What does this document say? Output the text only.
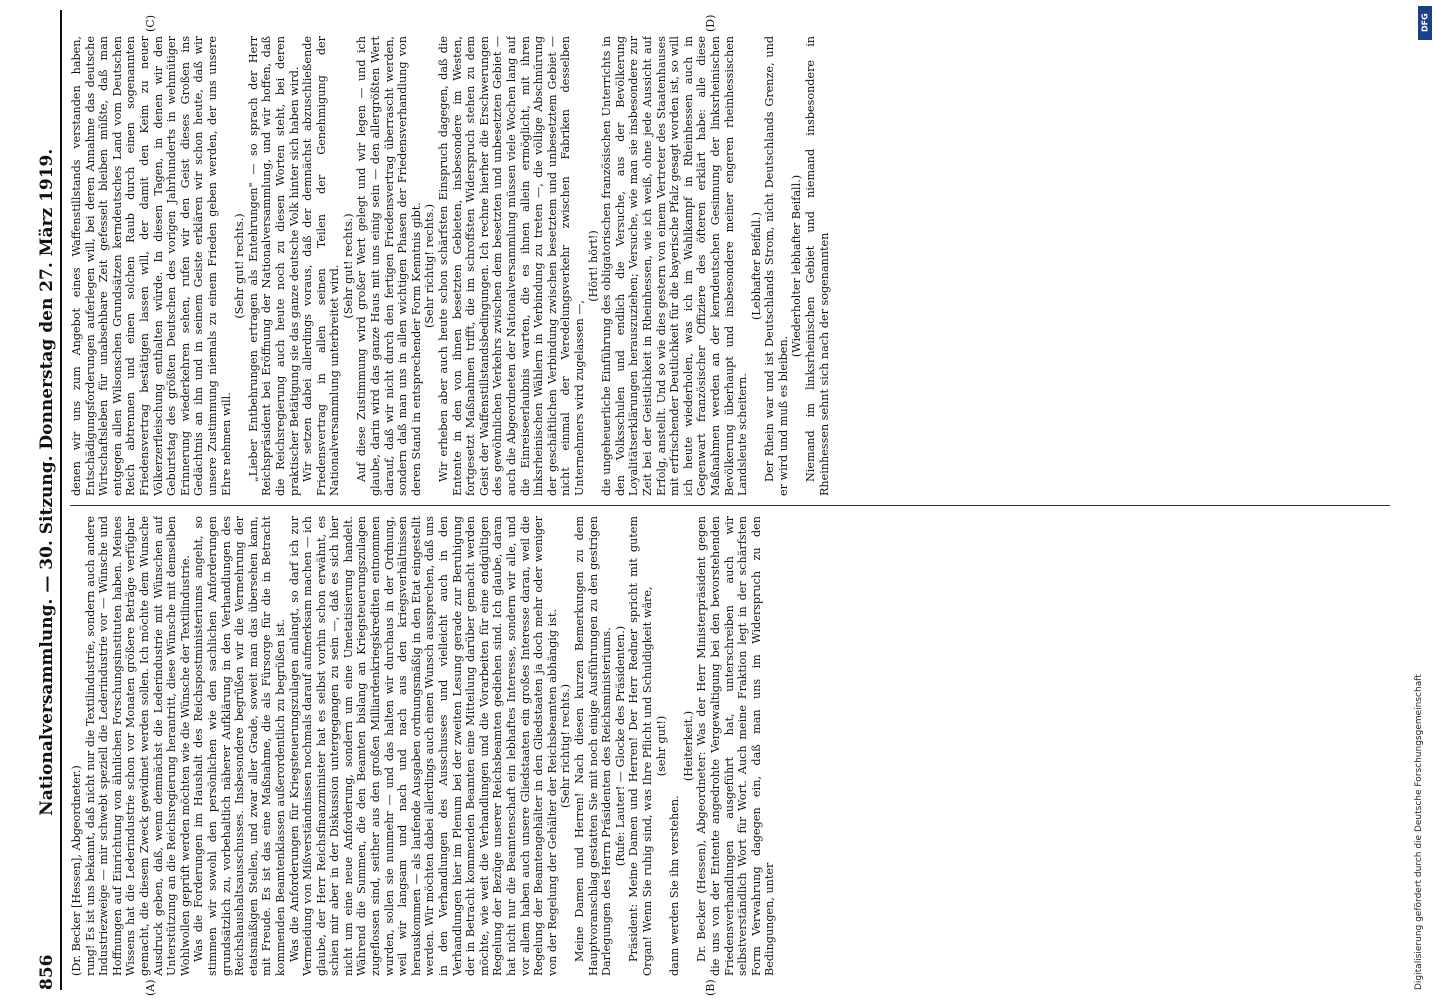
856
Nationalversammlung. — 30. Sitzung. Donnerstag den 27. März 1919.

(Dr. Becker [Hessen], Abgeordneter.) rung! Es ist uns bekannt, daß nicht nur die Textilindustrie, sondern auch andere Industriezweige — mir schwebt speziell die Lederindustrie vor — Wünsche und Hoffnungen auf Einrichtung von ähnlichen Forschungsinstituten haben. Meines Wissens hat die Lederindustrie schon vor Monaten größere Beträge verfügbar gemacht, die diesem Zweck gewidmet werden sollen. Ich möchte dem Wunsche Ausdruck geben, daß, wenn demnächst die Lederindustrie mit Wünschen auf Unterstützung an die Reichsregierung herantritt, diese Wünsche mit demselben Wohlwollen geprüft werden möchten wie die Wünsche der Textilindustrie. Was die Forderungen im Haushalt des Reichspostministeriums angeht, so stimmen wir sowohl den persönlichen wie den sachlichen Anforderungen grundsätzlich zu, vorbehaltlich näherer Aufklärung in den Verhandlungen des Reichshaushaltsausschusses. Insbesondere begrüßen wir die Vermehrung der etatsmäßigen Stellen, und zwar aller Grade, soweit man das übersehen kann, mit Freude. Es ist das eine Maßnahme, die als Fürsorge für die in Betracht kommenden Beamtenklassen außerordentlich zu begrüßen ist. Was die Anforderungen für Kriegsteuerungszulagen anlangt, so darf ich zur Vermeidung von Mißverständnissen nochmals darauf aufmerksam machen — ich glaube, der Herr Reichsfinanzminister hat es selbst vorhin schon erwähnt, es schien mir aber in der Diskussion untergegangen zu sein —, daß es sich hier nicht um eine neue Anforderung, sondern um eine Umetatisierung handelt. Während die Summen, die den Beamten bislang an Kriegsteuerungszulagen zugeflossen sind, seither aus den großen Milliardenkriegskrediten entnommen wurden, sollen sie nunmehr — und das halten wir durchaus in der Ordnung, weil wir langsam und nach und nach aus den kriegsverhältnissen herauskommen — als laufende Ausgaben ordnungsmäßig in den Etat eingestellt werden. Wir möchten dabei allerdings auch einen Wunsch aussprechen, daß uns in den Verhandlungen des Ausschusses und vielleicht auch in den Verhandlungen hier im Plenum bei der zweiten Lesung gerade zur Beruhigung der in Betracht kommenden Beamten eine Mitteilung darüber gemacht werden möchte, wie weit die Verhandlungen und die Vorarbeiten für eine endgültigen Regelung der Bezüge unserer Reichsbeamten gediehen sind. Ich glaube, daran hat nicht nur die Beamtenschaft ein lebhaftes Interesse, sondern wir alle, und vor allem haben auch unsere Gliedstaaten ein großes Interesse daran, weil die Regelung der Beamtengehälter in den Gliedstaaten ja doch mehr oder weniger von der Regelung der Gehälter der Reichsbeamten abhängig ist. (Sehr richtig! rechts.) Meine Damen und Herren! Nach diesen kurzen Bemerkungen zu dem Hauptvoranschlag gestatten Sie mit noch einige Ausführungen zu den gestrigen Darlegungen des Herrn Präsidenten des Reichsministeriums. (Rufe: Lauter! — Glocke des Präsidenten.) Präsident: Meine Damen und Herren! Der Herr Redner spricht mit gutem Organ! Wenn Sie ruhig sind, was Ihre Pflicht und Schuldigkeit wäre, (sehr gut!)

dann werden Sie ihn verstehen.

(Heiterkeit.) Dr. Becker (Hessen), Abgeordneter: Was der Herr Ministerpräsident gegen die uns von der Entente angedrohte Vergewaltigung bei den bevorstehenden Friedensverhandlungen ausgeführt hat, unterschreiben auch wir selbstverständlich Wort für Wort. Auch meine Fraktion legt in der schärfsten Form Verwahrung dagegen ein, daß man uns im Widerspruch zu den Bedingungen, unter

denen wir uns zum Angebot eines Waffenstillstands verstanden haben, Entschädigungsforderungen auferlegen will, bei deren Annahme das deutsche Wirtschaftsleben für unabsehbare Zeit gefesselt bleiben müßte, daß man entgegen allen Wilsonschen Grundsätzen kerndeutsches Land vom Deutschen Reich abtrennen und einen solchen Raub durch einen sogenannten Friedensvertrag bestätigen lassen will, der damit den Keim zu neuer Völkerzerfleischung enthalten würde. In diesen Tagen, in denen wir den Geburtstag des größten Deutschen des vorigen Jahrhunderts in wehmütiger Erinnerung wiederkehren sehen, rufen wir den Geist dieses Großen ins Gedächtnis an ihn und in seinem Geiste erklären wir schon heute, daß wir unsere Zustimmung niemals zu einem Frieden geben werden, der uns unsere Ehre nehmen will.

(Sehr gut! rechts.) „Lieber Entbehrungen ertragen als Entehrungen" — so sprach der Herr Reichspräsident bei Eröffnung der Nationalversammlung, und wir hoffen, daß die Reichsregierung auch heute noch zu diesen Worten steht, bei deren praktischer Betätigung sie das ganze deutsche Volk hinter sich haben wird. Wir setzen dabei allerdings voraus, daß der demnächst abzuschließende Friedensvertrag in allen seinen Teilen der Genehmigung der Nationalversammlung unterbreitet wird. (Sehr gut! rechts.) Auf diese Zustimmung wird großer Wert gelegt und wir legen — und ich glaube, darin wird das ganze Haus mit uns einig sein — den allergrößten Wert darauf, daß wir nicht durch den fertigen Friedensvertrag überrascht werden, sondern daß man uns in allen wichtigen Phasen der Friedensverhandlung von deren Stand in entsprechender Form Kenntnis gibt. (Sehr richtig! rechts.) Wir erheben aber auch heute schon schärfsten Einspruch dagegen, daß die Entente in den von ihnen besetzten Gebieten, insbesondere im Westen, fortgesetzt Maßnahmen trifft, die im schroffsten Widerspruch stehen zu dem Geist der Waffenstillstandsbedingungen. Ich rechne hierher die Erschwerungen des gewöhnlichen Verkehrs zwischen dem besetzten und unbesetzten Gebiet — auch die Abgeordneten der Nationalversammlung müssen viele Wochen lang auf die Einreiseerlaubnis warten, die es ihnen allein ermöglicht, mit ihren linksrheinischen Wählern in Verbindung zu treten —, die völlige Abschnürung der geschäftlichen Verbindung zwischen besetztem und unbesetztem Gebiet — nicht einmal der Veredelungsverkehr zwischen Fabriken desselben Unternehmers wird zugelassen —,

(Hört! hört!) die ungeheuerliche Einführung des obligatorischen französischen Unterrichts in den Volksschulen und endlich die Versuche, aus der Bevölkerung Loyalitätserklärungen herauszuziehen; Versuche, wie man sie insbesondere zur Zeit bei der Geistlichkeit in Rheinhessen, wie ich weiß, ohne jede Aussicht auf Erfolg, anstellt. Und so wie dies gestern von einem Vertreter des Staatenhauses mit erfrischender Deutlichkeit für die bayerische Pfalz gesagt worden ist, so will ich heute wiederholen, was ich im Wahlkampf in Rheinhessen auch in Gegenwart französischer Offiziere des öfteren erklärt habe: alle diese Maßnahmen werden an der kerndeutschen Gesinnung der linksrheinischen Bevölkerung überhaupt und insbesondere meiner engeren rheinhessischen Landsleute scheitern.

(Lebhafter Beifall.) Der Rhein war und ist Deutschlands Strom, nicht Deutschlands Grenze, und er wird und muß es bleiben.

(Wiederholter lebhafter Beifall.) Niemand im linksrheinischen Gebiet und niemand insbesondere in Rheinhessen sehnt sich nach der sogenannten

(A)	(B)
(C)	(D)
Digitalisierung gefördert durch die Deutsche Forschungsgemeinschaft
DFG
